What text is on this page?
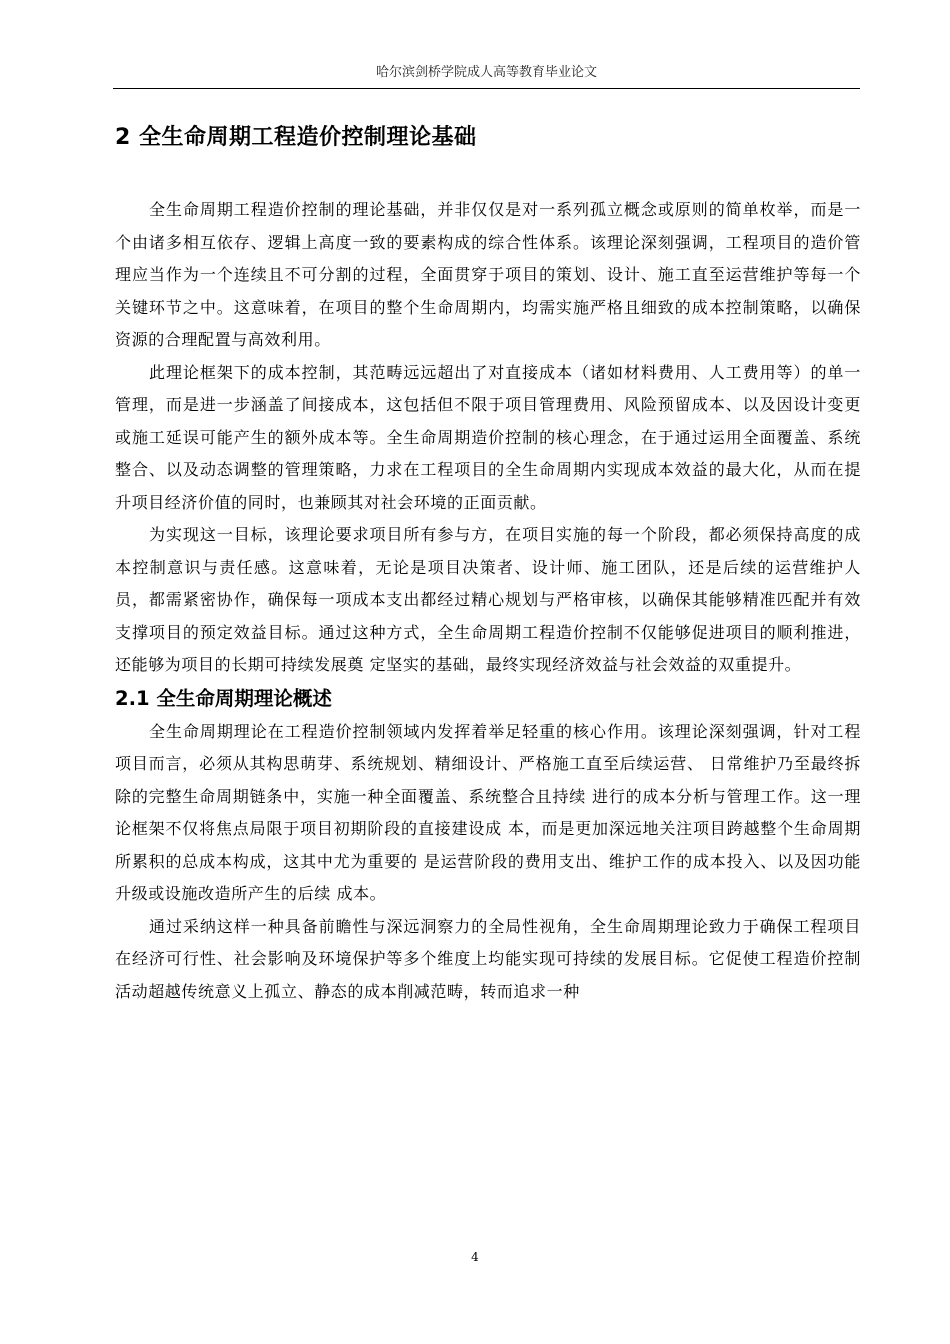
哈尔滨剑桥学院成人高等教育毕业论文
2 全生命周期工程造价控制理论基础

全生命周期工程造价控制的理论基础，并非仅仅是对一系列孤立概念或原则的简单枚举，而是一个由诸多相互依存、逻辑上高度一致的要素构成的综合性体系。该理论深刻强调，工程项目的造价管理应当作为一个连续且不可分割的过程，全面贯穿于项目的策划、设计、施工直至运营维护等每一个关键环节之中。这意味着，在项目的整个生命周期内，均需实施严格且细致的成本控制策略，以确保资源的合理配置与高效利用。

此理论框架下的成本控制，其范畴远远超出了对直接成本（诸如材料费用、人工费用等）的单一管理，而是进一步涵盖了间接成本，这包括但不限于项目管理费用、风险预留成本、以及因设计变更或施工延误可能产生的额外成本等。全生命周期造价控制的核心理念，在于通过运用全面覆盖、系统整合、以及动态调整的管理策略，力求在工程项目的全生命周期内实现成本效益的最大化，从而在提升项目经济价值的同时，也兼顾其对社会环境的正面贡献。

为实现这一目标，该理论要求项目所有参与方，在项目实施的每一个阶段，都必须保持高度的成本控制意识与责任感。这意味着，无论是项目决策者、设计师、施工团队，还是后续的运营维护人员，都需紧密协作，确保每一项成本支出都经过精心规划与严格审核，以确保其能够精准匹配并有效支撑项目的预定效益目标。通过这种方式，全生命周期工程造价控制不仅能够促进项目的顺利推进，还能够为项目的长期可持续发展奠 定坚实的基础，最终实现经济效益与社会效益的双重提升。

2.1 全生命周期理论概述

全生命周期理论在工程造价控制领域内发挥着举足轻重的核心作用。该理论深刻强调，针对工程项目而言，必须从其构思萌芽、系统规划、精细设计、严格施工直至后续运营、 日常维护乃至最终拆除的完整生命周期链条中，实施一种全面覆盖、系统整合且持续 进行的成本分析与管理工作。这一理论框架不仅将焦点局限于项目初期阶段的直接建设成 本，而是更加深远地关注项目跨越整个生命周期所累积的总成本构成，这其中尤为重要的 是运营阶段的费用支出、维护工作的成本投入、以及因功能升级或设施改造所产生的后续 成本。

通过采纳这样一种具备前瞻性与深远洞察力的全局性视角，全生命周期理论致力于确保工程项目在经济可行性、社会影响及环境保护等多个维度上均能实现可持续的发展目标。它促使工程造价控制活动超越传统意义上孤立、静态的成本削减范畴，转而追求一种

4
